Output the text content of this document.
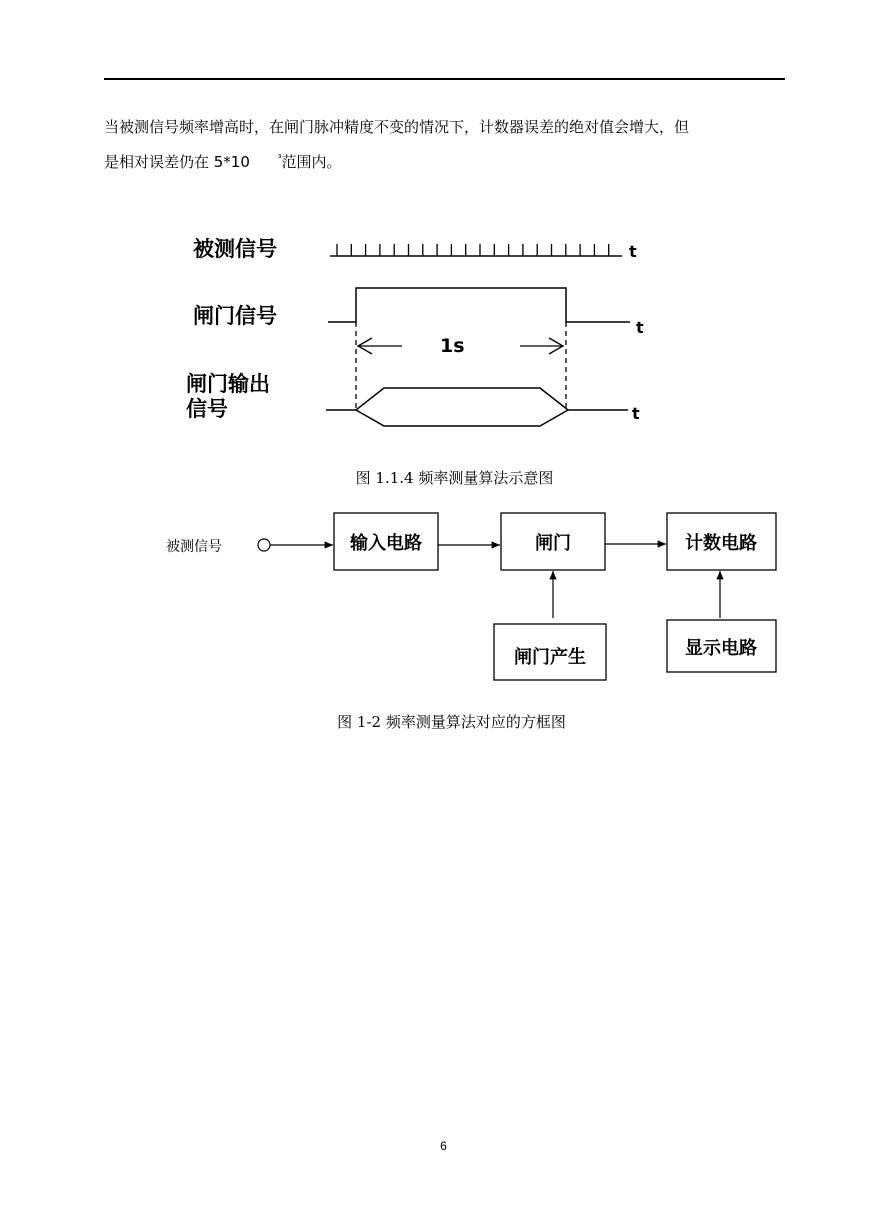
当被测信号频率增高时，在闸门脉冲精度不变的情况下，计数器误差的绝对值会增大，但
是相对误差仍在 5*10	$^{^3}$范围内。
被测信号	t
闸门信号	t
1s
闸门输出
信号	t
被测信号	输入电路	闸门	计数电路
闸门产生	显示电路
图 1.1.4 频率测量算法示意图
图 1-2 频率测量算法对应的方框图
6
